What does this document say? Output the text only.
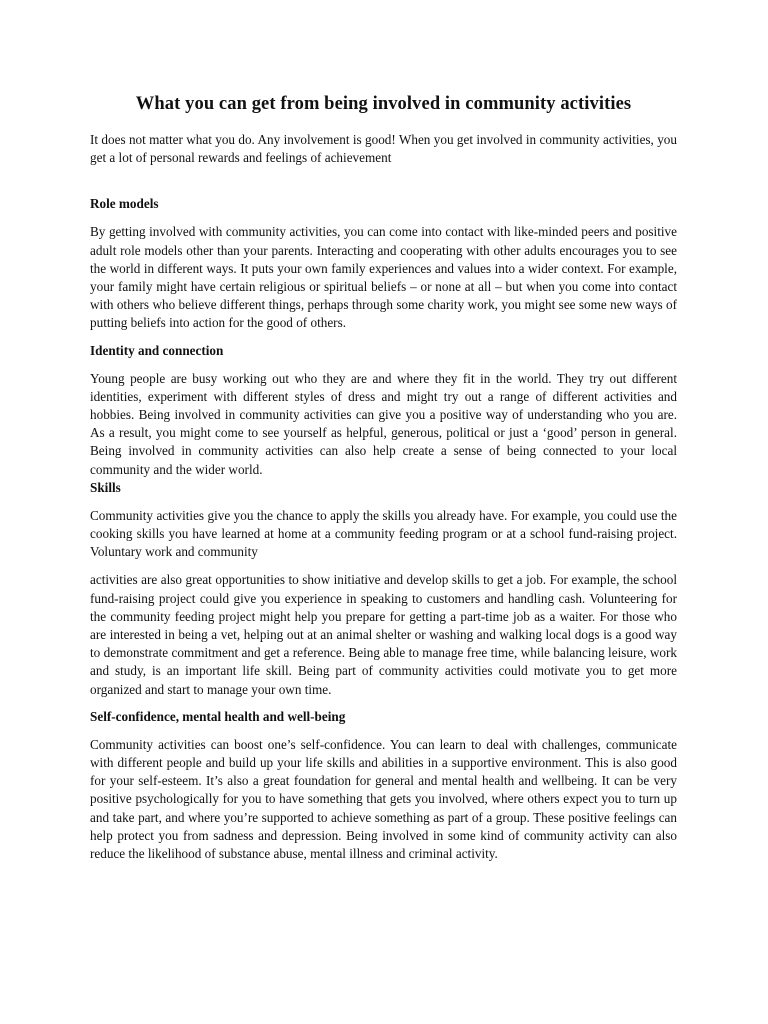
What you can get from being involved in community activities

It does not matter what you do. Any involvement is good! When you get involved in community activities, you get a lot of personal rewards and feelings of achievement

Role models

By getting involved with community activities, you can come into contact with like-minded peers and positive adult role models other than your parents. Interacting and cooperating with other adults encourages you to see the world in different ways. It puts your own family experiences and values into a wider context. For example, your family might have certain religious or spiritual beliefs – or none at all – but when you come into contact with others who believe different things, perhaps through some charity work, you might see some new ways of putting beliefs into action for the good of others.

Identity and connection

Young people are busy working out who they are and where they fit in the world. They try out different identities, experiment with different styles of dress and might try out a range of different activities and hobbies. Being involved in community activities can give you a positive way of understanding who you are. As a result, you might come to see yourself as helpful, generous, political or just a ‘good’ person in general. Being involved in community activities can also help create a sense of being connected to your local community and the wider world.

Skills

Community activities give you the chance to apply the skills you already have. For example, you could use the cooking skills you have learned at home at a community feeding program or at a school fund-raising project. Voluntary work and community

activities are also great opportunities to show initiative and develop skills to get a job. For example, the school fund-raising project could give you experience in speaking to customers and handling cash. Volunteering for the community feeding project might help you prepare for getting a part-time job as a waiter. For those who are interested in being a vet, helping out at an animal shelter or washing and walking local dogs is a good way to demonstrate commitment and get a reference. Being able to manage free time, while balancing leisure, work and study, is an important life skill. Being part of community activities could motivate you to get more organized and start to manage your own time.

Self-confidence, mental health and well-being

Community activities can boost one’s self-confidence. You can learn to deal with challenges, communicate with different people and build up your life skills and abilities in a supportive environment. This is also good for your self-esteem. It’s also a great foundation for general and mental health and wellbeing. It can be very positive psychologically for you to have something that gets you involved, where others expect you to turn up and take part, and where you’re supported to achieve something as part of a group. These positive feelings can help protect you from sadness and depression. Being involved in some kind of community activity can also reduce the likelihood of substance abuse, mental illness and criminal activity.
